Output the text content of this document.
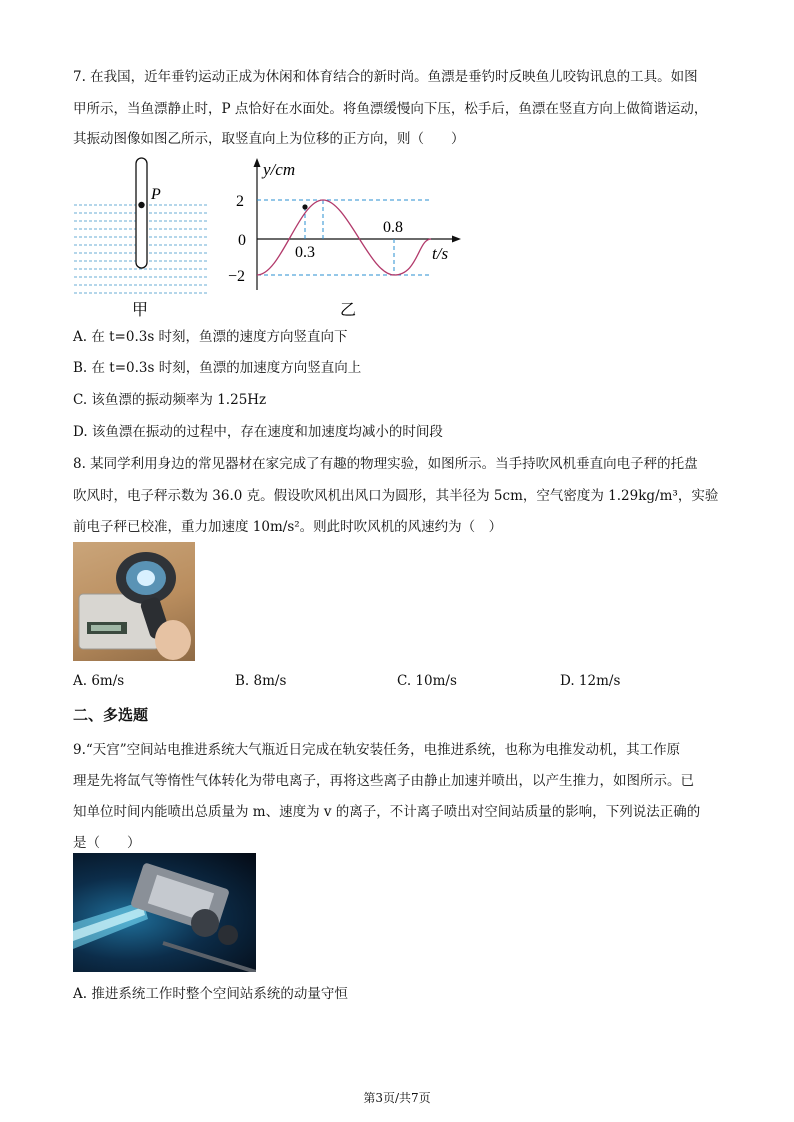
7. 在我国，近年垂钓运动正成为休闲和体育结合的新时尚。鱼漂是垂钓时反映鱼儿咬钩讯息的工具。如图
甲所示，当鱼漂静止时，P 点恰好在水面处。将鱼漂缓慢向下压，松手后，鱼漂在竖直方向上做简谐运动，
其振动图像如图乙所示，取竖直向上为位移的正方向，则（　　）
P
甲
y/cm
t/s
2
0
−2
0.3
0.8
乙
A. 在 t=0.3s 时刻，鱼漂的速度方向竖直向下
B. 在 t=0.3s 时刻，鱼漂的加速度方向竖直向上
C. 该鱼漂的振动频率为 1.25Hz
D. 该鱼漂在振动的过程中，存在速度和加速度均减小的时间段
8. 某同学利用身边的常见器材在家完成了有趣的物理实验，如图所示。当手持吹风机垂直向电子秤的托盘
吹风时，电子秤示数为 36.0 克。假设吹风机出风口为圆形，其半径为 5cm，空气密度为 1.29kg/m³，实验
前电子秤已校准，重力加速度 10m/s²。则此时吹风机的风速约为（　）
A. 6m/s	B. 8m/s	C. 10m/s	D. 12m/s
二、多选题
9.“天宫”空间站电推进系统大气瓶近日完成在轨安装任务，电推进系统，也称为电推发动机，其工作原
理是先将氙气等惰性气体转化为带电离子，再将这些离子由静止加速并喷出，以产生推力，如图所示。已
知单位时间内能喷出总质量为 m、速度为 v 的离子，不计离子喷出对空间站质量的影响，下列说法正确的
是（　　）
A. 推进系统工作时整个空间站系统的动量守恒
第3页/共7页
